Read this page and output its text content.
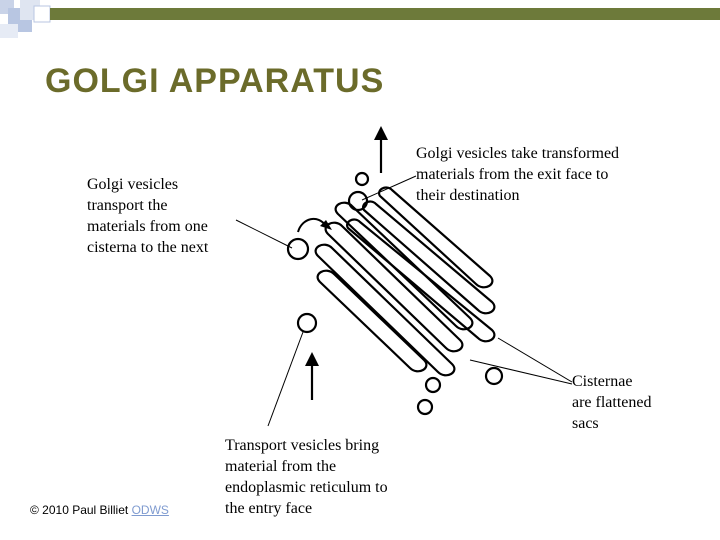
GOLGI APPARATUS
Golgi vesicles
transport the
materials from one
cisterna to the next
Golgi vesicles take transformed
materials from the exit face to
their destination
Cisternae
are flattened
sacs
Transport vesicles bring
material from the
endoplasmic reticulum to
the entry face
© 2010 Paul Billiet ODWS
